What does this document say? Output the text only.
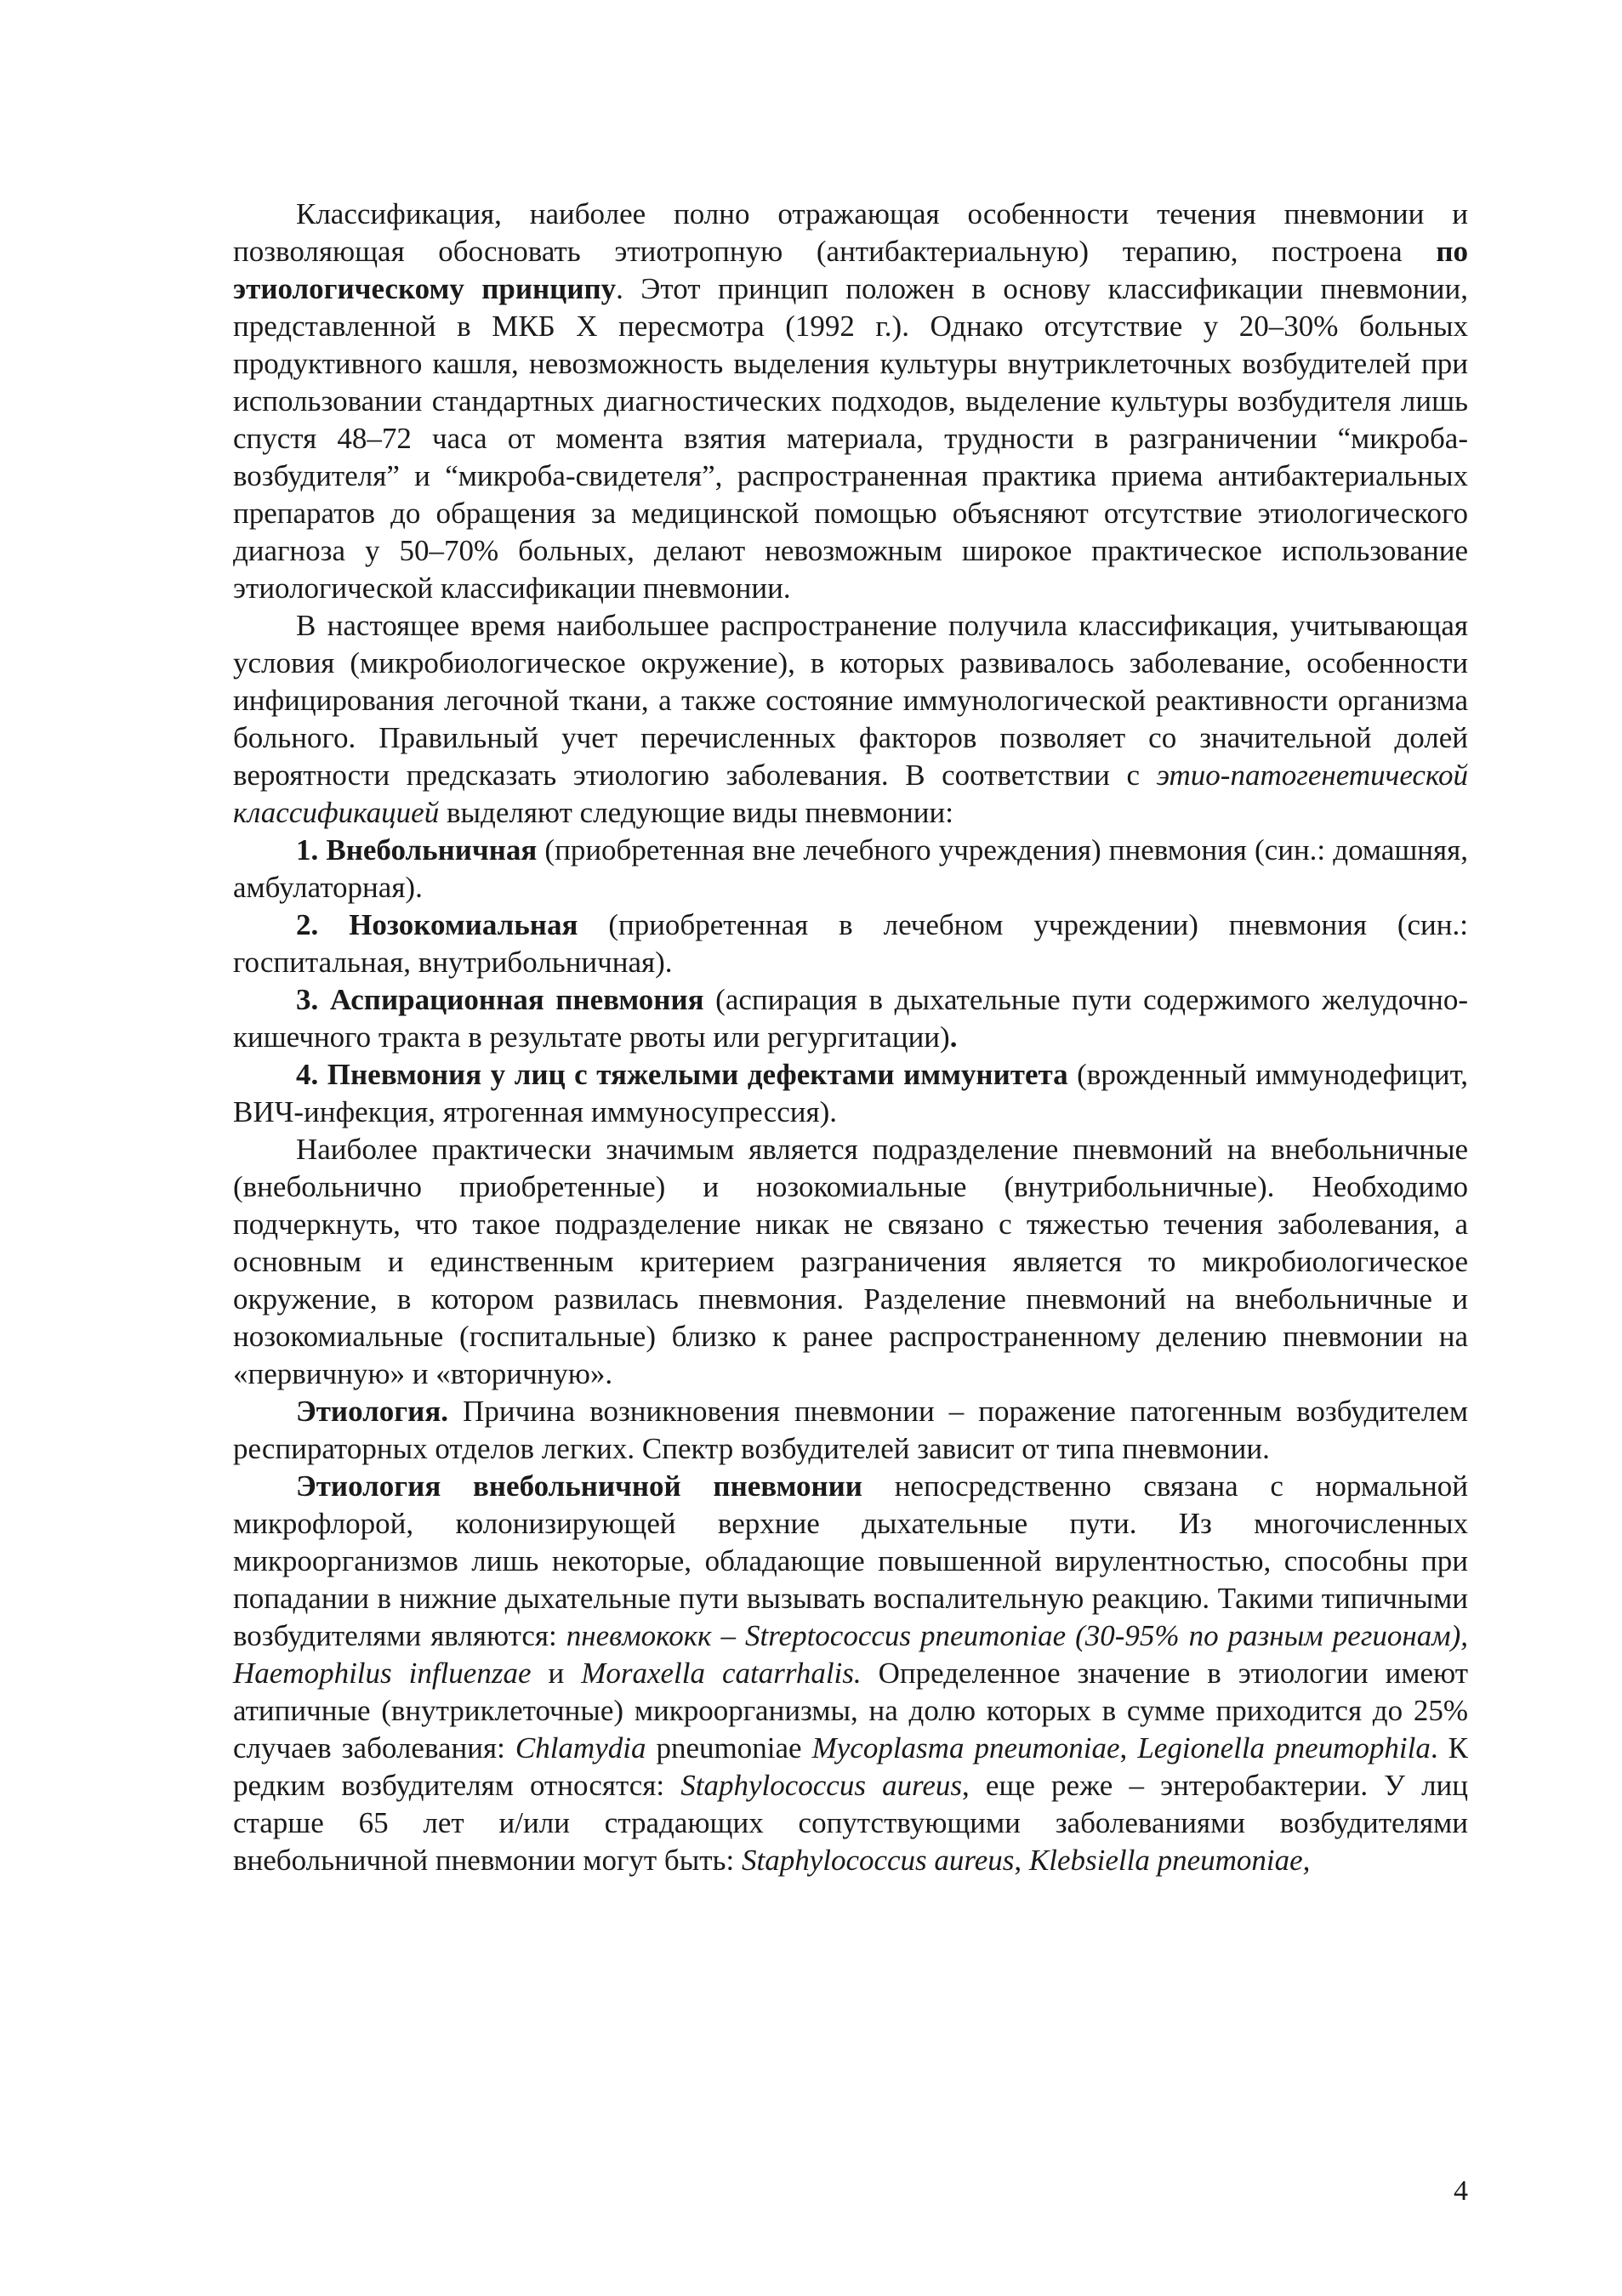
Классификация, наиболее полно отражающая особенности течения пневмонии и позволяющая обосновать этиотропную (антибактериальную) терапию, построена по этиологическому принципу. Этот принцип положен в основу классификации пневмонии, представленной в МКБ X пересмотра (1992 г.). Однако отсутствие у 20–30% больных продуктивного кашля, невозможность выделения культуры внутриклеточных возбудителей при использовании стандартных диагностических подходов, выделение культуры возбудителя лишь спустя 48–72 часа от момента взятия материала, трудности в разграничении “микроба-возбудителя” и “микроба-свидетеля”, распространенная практика приема антибактериальных препаратов до обращения за медицинской помощью объясняют отсутствие этиологического диагноза у 50–70% больных, делают невозможным широкое практическое использование этиологической классификации пневмонии.

В настоящее время наибольшее распространение получила классификация, учитывающая условия (микробиологическое окружение), в которых развивалось заболевание, особенности инфицирования легочной ткани, а также состояние иммунологической реактивности организма больного. Правильный учет перечисленных факторов позволяет со значительной долей вероятности предсказать этиологию заболевания. В соответствии с этио-патогенетической классификацией выделяют следующие виды пневмонии:

1. Внебольничная (приобретенная вне лечебного учреждения) пневмония (син.: домашняя, амбулаторная).

2. Нозокомиальная (приобретенная в лечебном учреждении) пневмония (син.: госпитальная, внутрибольничная).

3. Аспирационная пневмония (аспирация в дыхательные пути содержимого желудочно-кишечного тракта в результате рвоты или регургитации).

4. Пневмония у лиц с тяжелыми дефектами иммунитета (врожденный иммунодефицит, ВИЧ-инфекция, ятрогенная иммуносупрессия).

Наиболее практически значимым является подразделение пневмоний на внебольничные (внебольнично приобретенные) и нозокомиальные (внутрибольничные). Необходимо подчеркнуть, что такое подразделение никак не связано с тяжестью течения заболевания, а основным и единственным критерием разграничения является то микробиологическое окружение, в котором развилась пневмония. Разделение пневмоний на внебольничные и нозокомиальные (госпитальные) близко к ранее распространенному делению пневмонии на «первичную» и «вторичную».

Этиология. Причина возникновения пневмонии – поражение патогенным возбудителем респираторных отделов легких. Спектр возбудителей зависит от типа пневмонии.

Этиология внебольничной пневмонии непосредственно связана с нормальной микрофлорой, колонизирующей верхние дыхательные пути. Из многочисленных микроорганизмов лишь некоторые, обладающие повышенной вирулентностью, способны при попадании в нижние дыхательные пути вызывать воспалительную реакцию. Такими типичными возбудителями являются: пневмококк – Streptococcus pneumoniae (30-95% по разным регионам), Haemophilus influenzae и Moraxella catarrhalis. Определенное значение в этиологии имеют атипичные (внутриклеточные) микроорганизмы, на долю которых в сумме приходится до 25% случаев заболевания: Chlamydia pneumoniae Mycoplasma pneumoniae, Legionella pneumophila. К редким возбудителям относятся: Staphylococcus aureus, еще реже – энтеробактерии. У лиц старше 65 лет и/или страдающих сопутствующими заболеваниями возбудителями внебольничной пневмонии могут быть: Staphylococcus aureus, Klebsiella pneumoniae,

4
